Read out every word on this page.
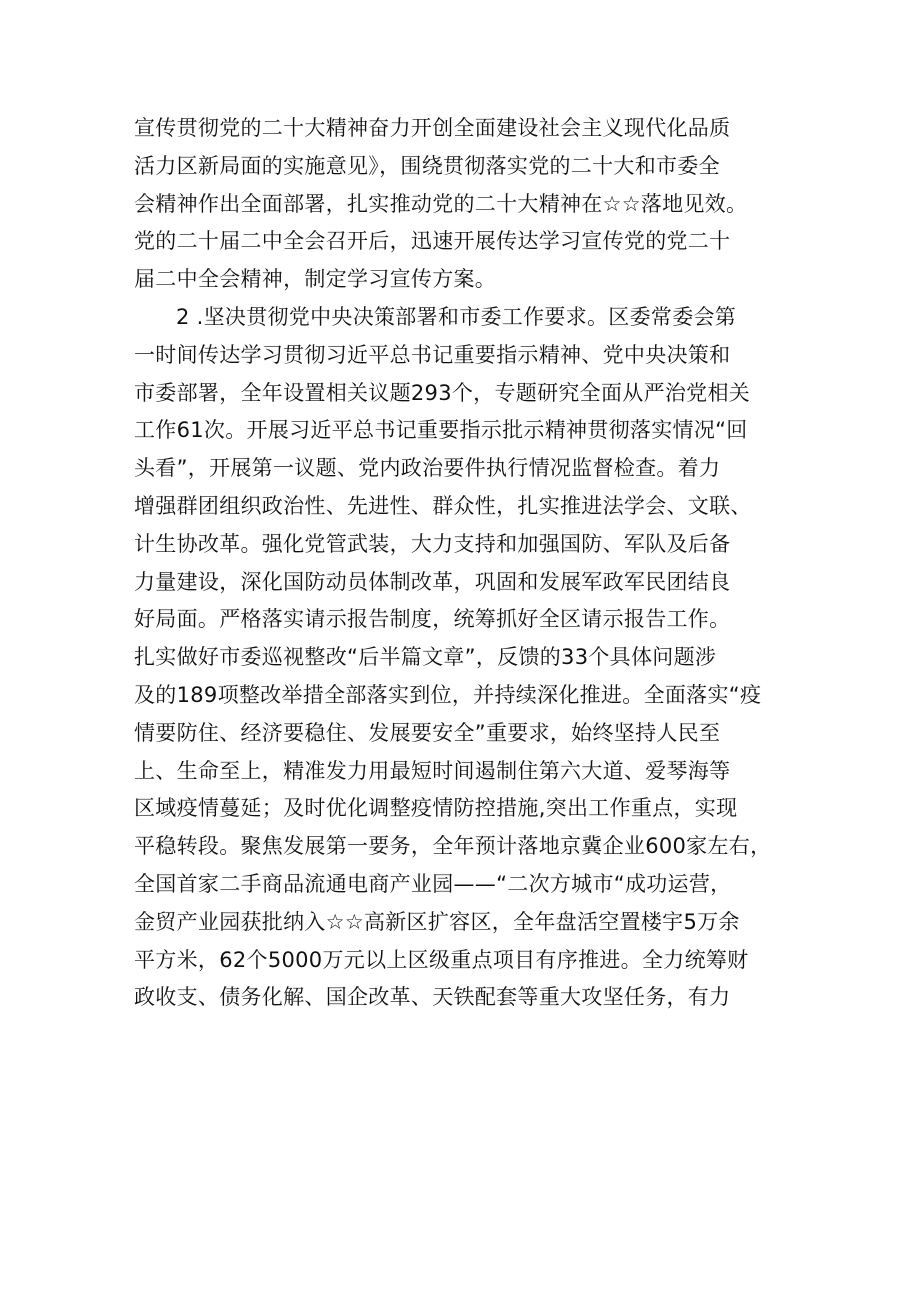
宣传贯彻党的二十大精神奋力开创全面建设社会主义现代化品质
活力区新局面的实施意见》，围绕贯彻落实党的二十大和市委全
会精神作出全面部署，扎实推动党的二十大精神在☆☆落地见效。
党的二十届二中全会召开后，迅速开展传达学习宣传党的党二十
届二中全会精神，制定学习宣传方案。
2 .坚决贯彻党中央决策部署和市委工作要求。区委常委会第
一时间传达学习贯彻习近平总书记重要指示精神、党中央决策和
市委部署，全年设置相关议题293个，专题研究全面从严治党相关
工作61次。开展习近平总书记重要指示批示精神贯彻落实情况“回
头看”，开展第一议题、党内政治要件执行情况监督检查。着力
增强群团组织政治性、先进性、群众性，扎实推进法学会、文联、
计生协改革。强化党管武装，大力支持和加强国防、军队及后备
力量建设，深化国防动员体制改革，巩固和发展军政军民团结良
好局面。严格落实请示报告制度，统筹抓好全区请示报告工作。
扎实做好市委巡视整改“后半篇文章”，反馈的33个具体问题涉
及的189项整改举措全部落实到位，并持续深化推进。全面落实“疫
情要防住、经济要稳住、发展要安全”重要求，始终坚持人民至
上、生命至上，精准发力用最短时间遏制住第六大道、爱琴海等
区域疫情蔓延；及时优化调整疫情防控措施,突出工作重点，实现
平稳转段。聚焦发展第一要务，全年预计落地京冀企业600家左右，
全国首家二手商品流通电商产业园——“二次方城市“成功运营，
金贸产业园获批纳入☆☆高新区扩容区，全年盘活空置楼宇5万余
平方米，62个5000万元以上区级重点项目有序推进。全力统筹财
政收支、债务化解、国企改革、天铁配套等重大攻坚任务，有力
